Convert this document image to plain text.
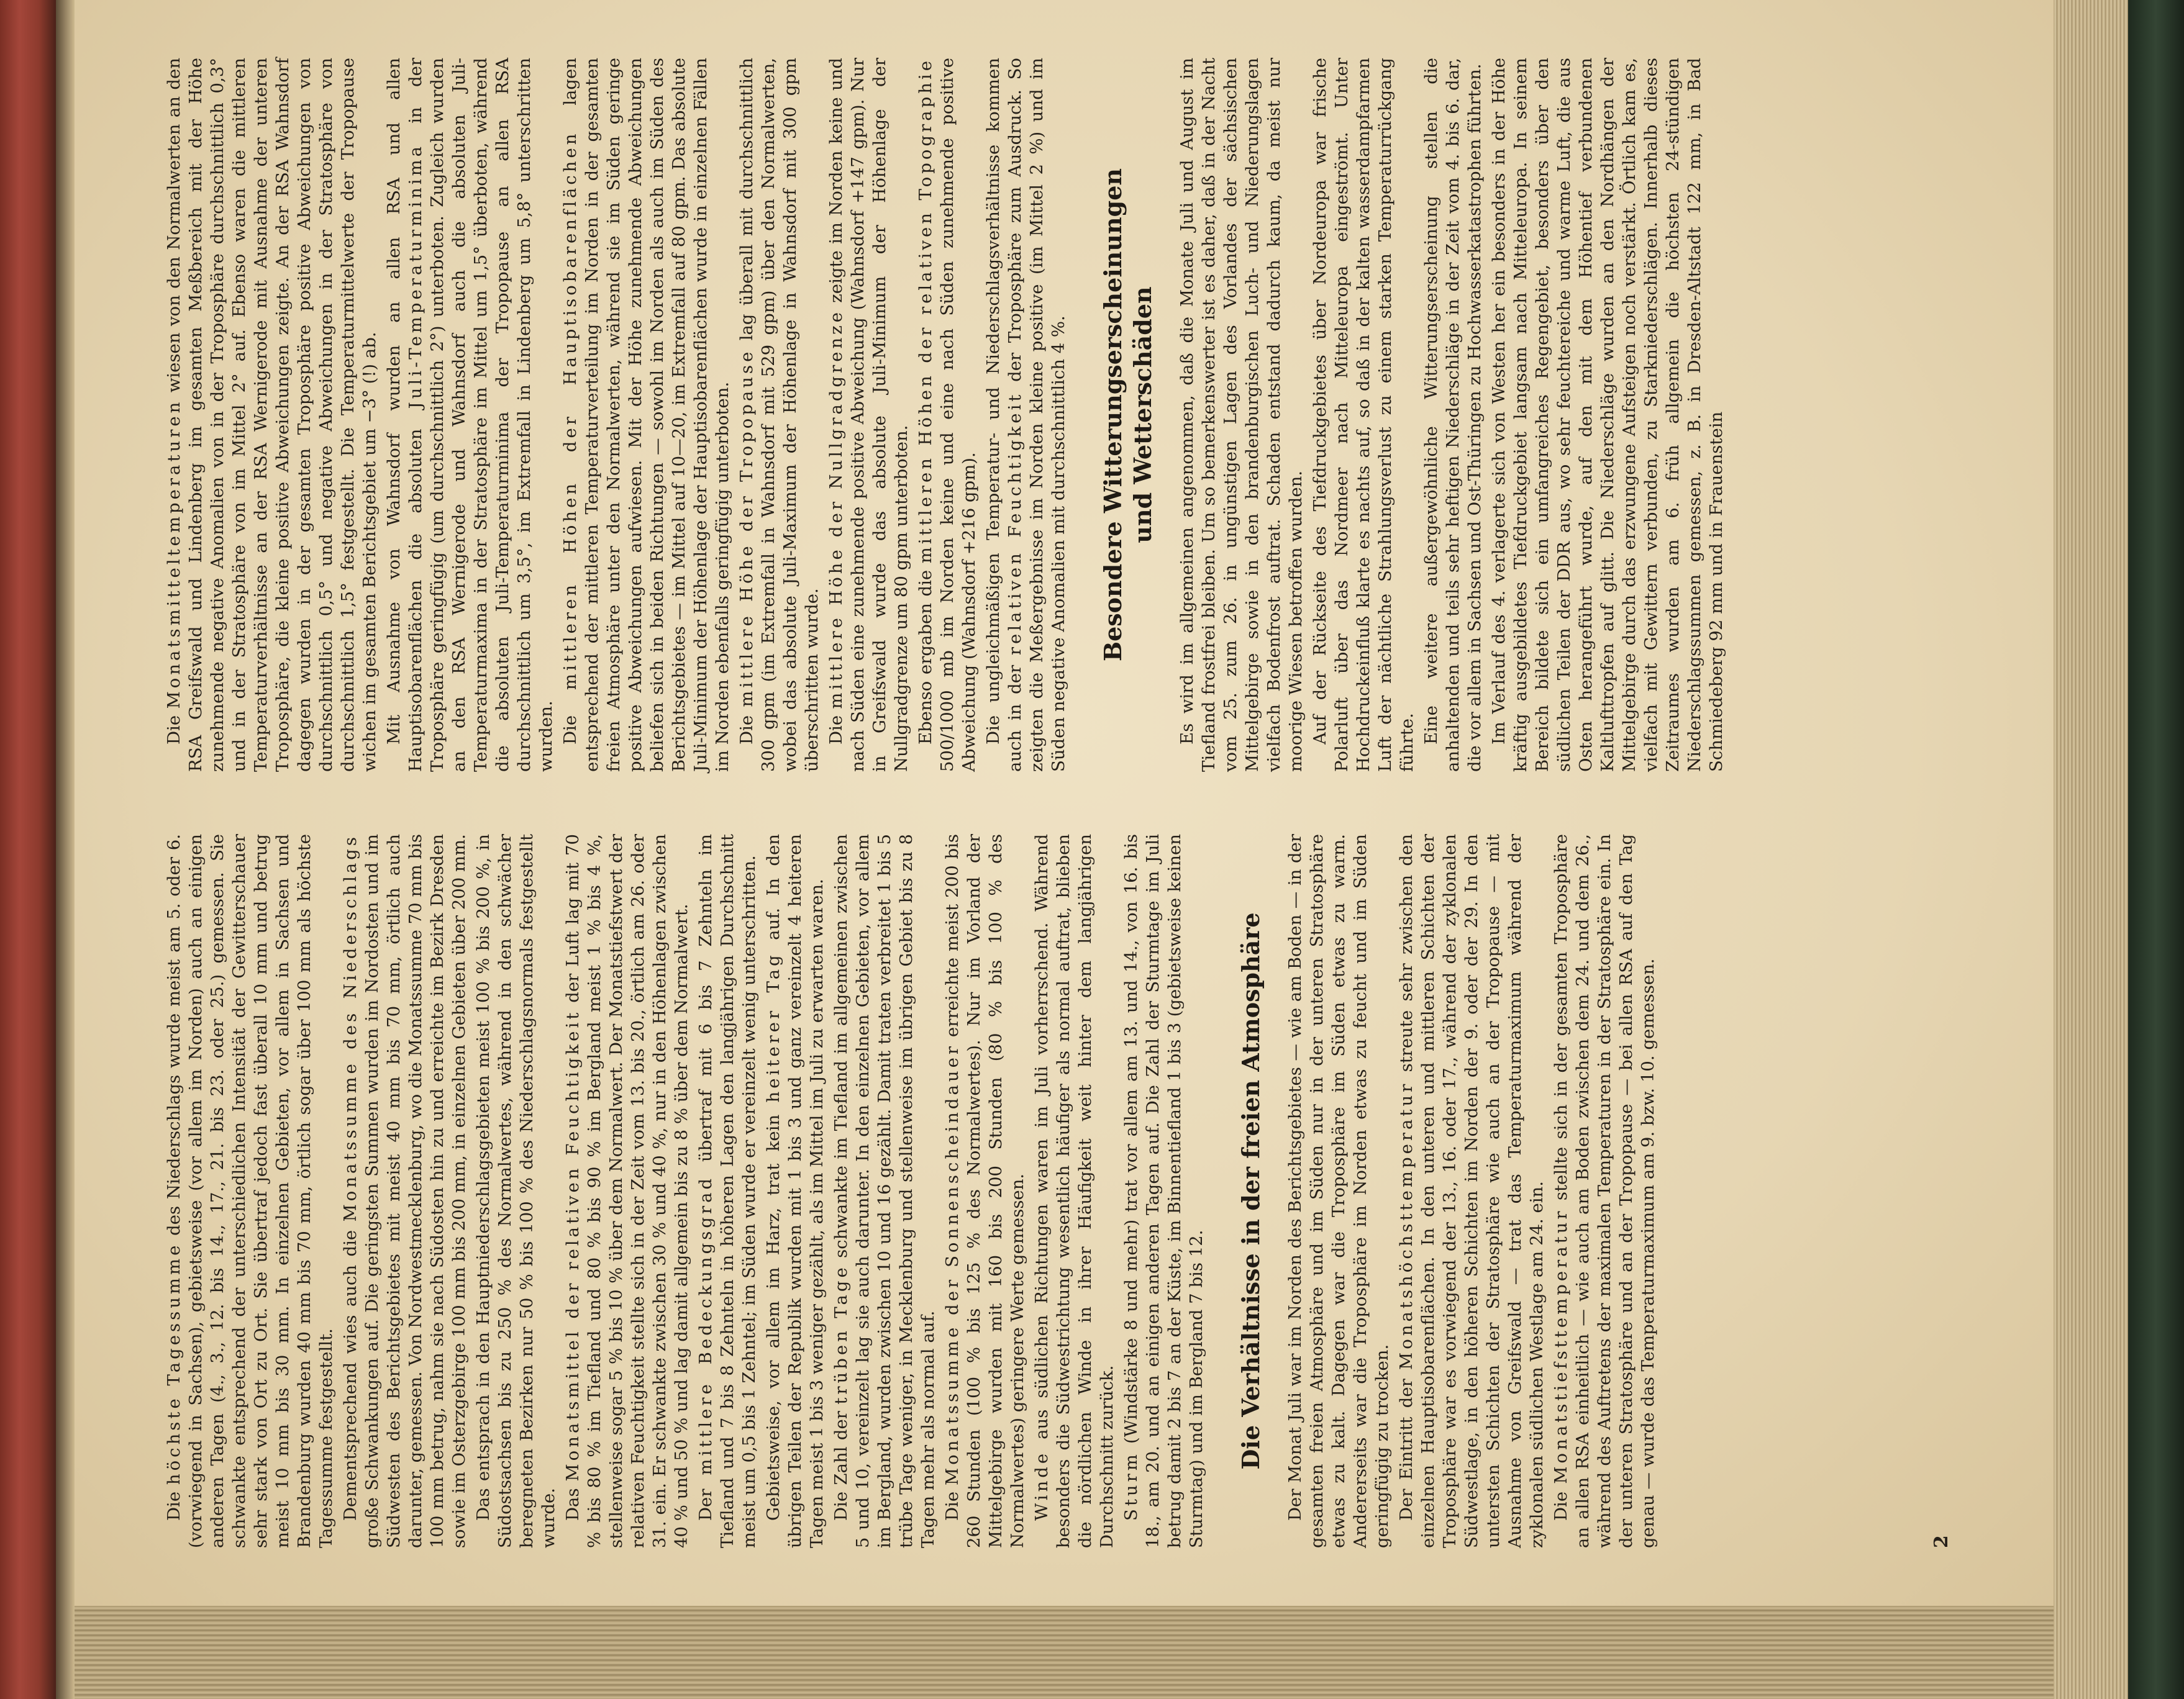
Die höchste Tagessumme des Niederschlags wurde meist am 5. oder 6. (vorwiegend in Sachsen), gebietsweise (vor allem im Norden) auch an einigen anderen Tagen (4., 3., 12. bis 14., 17., 21. bis 23. oder 25.) gemessen. Sie schwankte entsprechend der unterschiedlichen Intensität der Gewitterschauer sehr stark von Ort zu Ort. Sie übertraf jedoch fast überall 10 mm und betrug meist 10 mm bis 30 mm. In einzelnen Gebieten, vor allem in Sachsen und Brandenburg wurden 40 mm bis 70 mm, örtlich sogar über 100 mm als höchste Tagessumme festgestellt. Dementsprechend wies auch die Monatssumme des Niederschlags große Schwankungen auf. Die geringsten Summen wurden im Nordosten und im Südwesten des Berichtsgebietes mit meist 40 mm bis 70 mm, örtlich auch darunter, gemessen. Von Nordwestmecklenburg, wo die Monatssumme 70 mm bis 100 mm betrug, nahm sie nach Südosten hin zu und erreichte im Bezirk Dresden sowie im Osterzgebirge 100 mm bis 200 mm, in einzelnen Gebieten über 200 mm. Das entsprach in den Hauptniederschlagsgebieten meist 100 % bis 200 %, in Südostsachsen bis zu 250 % des Normalwertes, während in den schwächer beregneten Bezirken nur 50 % bis 100 % des Niederschlagsnormals festgestellt wurde. Das Monatsmittel der relativen Feuchtigkeit der Luft lag mit 70 % bis 80 % im Tiefland und 80 % bis 90 % im Bergland meist 1 % bis 4 %, stellenweise sogar 5 % bis 10 % über dem Normalwert. Der Monatstiefstwert der relativen Feuchtigkeit stellte sich in der Zeit vom 13. bis 20., örtlich am 26. oder 31. ein. Er schwankte zwischen 30 % und 40 %, nur in den Höhenlagen zwischen 40 % und 50 % und lag damit allgemein bis zu 8 % über dem Normalwert. Der mittlere Bedeckungsgrad übertraf mit 6 bis 7 Zehnteln im Tiefland und 7 bis 8 Zehnteln in höheren Lagen den langjährigen Durchschnitt meist um 0,5 bis 1 Zehntel; im Süden wurde er vereinzelt wenig unterschritten. Gebietsweise, vor allem im Harz, trat kein heiterer Tag auf. In den übrigen Teilen der Republik wurden mit 1 bis 3 und ganz vereinzelt 4 heiteren Tagen meist 1 bis 3 weniger gezählt, als im Mittel im Juli zu erwarten waren. Die Zahl der trüben Tage schwankte im Tiefland im allgemeinen zwischen 5 und 10, vereinzelt lag sie auch darunter. In den einzelnen Gebieten, vor allem im Bergland, wurden zwischen 10 und 16 gezählt. Damit traten verbreitet 1 bis 5 trübe Tage weniger, in Mecklenburg und stellenweise im übrigen Gebiet bis zu 8 Tagen mehr als normal auf. Die Monatssumme der Sonnenscheindauer erreichte meist 200 bis 260 Stunden (100 % bis 125 % des Normalwertes). Nur im Vorland der Mittelgebirge wurden mit 160 bis 200 Stunden (80 % bis 100 % des Normalwertes) geringere Werte gemessen. Winde aus südlichen Richtungen waren im Juli vorherrschend. Während besonders die Südwestrichtung wesentlich häufiger als normal auftrat, blieben die nördlichen Winde in ihrer Häufigkeit weit hinter dem langjährigen Durchschnitt zurück. Sturm (Windstärke 8 und mehr) trat vor allem am 13. und 14., von 16. bis 18., am 20. und an einigen anderen Tagen auf. Die Zahl der Sturmtage im Juli betrug damit 2 bis 7 an der Küste, im Binnentiefland 1 bis 3 (gebietsweise keinen Sturmtag) und im Bergland 7 bis 12. Die Verhältnisse in der freien Atmosphäre Der Monat Juli war im Norden des Berichtsgebietes — wie am Boden — in der gesamten freien Atmosphäre und im Süden nur in der unteren Stratosphäre etwas zu kalt. Dagegen war die Troposphäre im Süden etwas zu warm. Andererseits war die Troposphäre im Norden etwas zu feucht und im Süden geringfügig zu trocken. Der Eintritt der Monatshöchsttemperatur streute sehr zwischen den einzelnen Hauptisobarenflächen. In den unteren und mittleren Schichten der Troposphäre war es vorwiegend der 13., 16. oder 17., während der zyklonalen Südwestlage, in den höheren Schichten im Norden der 9. oder der 29. In den untersten Schichten der Stratosphäre wie auch an der Tropopause — mit Ausnahme von Greifswald — trat das Temperaturmaximum während der zyklonalen südlichen Westlage am 24. ein. Die Monatstiefsttemperatur stellte sich in der gesamten Troposphäre an allen RSA einheitlich — wie auch am Boden zwischen dem 24. und dem 26., während des Auftretens der maximalen Temperaturen in der Stratosphäre ein. In der unteren Stratosphäre und an der Tropopause — bei allen RSA auf den Tag genau — wurde das Temperaturmaximum am 9. bzw. 10. gemessen.	2

Die Monatsmitteltemperaturen wiesen von den Normalwerten an den RSA Greifswald und Lindenberg im gesamten Meßbereich mit der Höhe zunehmende negative Anomalien von in der Troposphäre durchschnittlich 0,3° und in der Stratosphäre von im Mittel 2° auf. Ebenso waren die mittleren Temperaturverhältnisse an der RSA Wernigerode mit Ausnahme der unteren Troposphäre, die kleine positive Abweichungen zeigte. An der RSA Wahnsdorf dagegen wurden in der gesamten Troposphäre positive Abweichungen von durchschnittlich 0,5° und negative Abweichungen in der Stratosphäre von durchschnittlich 1,5° festgestellt. Die Temperaturmittelwerte der Tropopause wichen im gesamten Berichtsgebiet um −3° (!) ab. Mit Ausnahme von Wahnsdorf wurden an allen RSA und allen Hauptisobarenflächen die absoluten Juli-Temperaturminima in der Troposphäre geringfügig (um durchschnittlich 2°) unterboten. Zugleich wurden an den RSA Wernigerode und Wahnsdorf auch die absoluten Juli-Temperaturmaxima in der Stratosphäre im Mittel um 1,5° überboten, während die absoluten Juli-Temperaturminima der Tropopause an allen RSA durchschnittlich um 3,5°, im Extremfall in Lindenberg um 5,8° unterschritten wurden. Die mittleren Höhen der Hauptisobarenflächen lagen entsprechend der mittleren Temperaturverteilung im Norden in der gesamten freien Atmosphäre unter den Normalwerten, während sie im Süden geringe positive Abweichungen aufwiesen. Mit der Höhe zunehmende Abweichungen beliefen sich in beiden Richtungen — sowohl im Norden als auch im Süden des Berichtsgebietes — im Mittel auf 10—20, im Extremfall auf 80 gpm. Das absolute Juli-Minimum der Höhenlage der Hauptisobarenflächen wurde in einzelnen Fällen im Norden ebenfalls geringfügig unterboten. Die mittlere Höhe der Tropopause lag überall mit durchschnittlich 300 gpm (im Extremfall in Wahnsdorf mit 529 gpm) über den Normalwerten, wobei das absolute Juli-Maximum der Höhenlage in Wahnsdorf mit 300 gpm überschritten wurde. Die mittlere Höhe der Nullgradgrenze zeigte im Norden keine und nach Süden eine zunehmende positive Abweichung (Wahnsdorf +147 gpm). Nur in Greifswald wurde das absolute Juli-Minimum der Höhenlage der Nullgradgrenze um 80 gpm unterboten. Ebenso ergaben die mittleren Höhen der relativen Topographie 500/1000 mb im Norden keine und eine nach Süden zunehmende positive Abweichung (Wahnsdorf +216 gpm). Die ungleichmäßigen Temperatur- und Niederschlagsverhältnisse kommen auch in der relativen Feuchtigkeit der Troposphäre zum Ausdruck. So zeigten die Meßergebnisse im Norden kleine positive (im Mittel 2 %) und im Süden negative Anomalien mit durchschnittlich 4 %. Besondere Witterungserscheinungen
und Wetterschäden Es wird im allgemeinen angenommen, daß die Monate Juli und August im Tiefland frostfrei bleiben. Um so bemerkenswerter ist es daher, daß in der Nacht vom 25. zum 26. in ungünstigen Lagen des Vorlandes der sächsischen Mittelgebirge sowie in den brandenburgischen Luch- und Niederungslagen vielfach Bodenfrost auftrat. Schaden entstand dadurch kaum, da meist nur moorige Wiesen betroffen wurden. Auf der Rückseite des Tiefdruckgebietes über Nordeuropa war frische Polarluft über das Nordmeer nach Mitteleuropa eingeströmt. Unter Hochdruckeinfluß klarte es nachts auf, so daß in der kalten wasserdampfarmen Luft der nächtliche Strahlungsverlust zu einem starken Temperaturrückgang führte. Eine weitere außergewöhnliche Witterungserscheinung stellen die anhaltenden und teils sehr heftigen Niederschläge in der Zeit vom 4. bis 6. dar, die vor allem in Sachsen und Ost-Thüringen zu Hochwasserkatastrophen führten. Im Verlauf des 4. verlagerte sich von Westen her ein besonders in der Höhe kräftig ausgebildetes Tiefdruckgebiet langsam nach Mitteleuropa. In seinem Bereich bildete sich ein umfangreiches Regengebiet, besonders über den südlichen Teilen der DDR aus, wo sehr feuchtereiche und warme Luft, die aus Osten herangeführt wurde, auf den mit dem Höhentief verbundenen Kaltlufttropfen auf glitt. Die Niederschläge wurden an den Nordhängen der Mittelgebirge durch das erzwungene Aufsteigen noch verstärkt. Örtlich kam es, vielfach mit Gewittern verbunden, zu Starkniederschlägen. Innerhalb dieses Zeitraumes wurden am 6. früh allgemein die höchsten 24-stündigen Niederschlagssummen gemessen, z. B. in Dresden-Altstadt 122 mm, in Bad Schmiedeberg 92 mm und in Frauenstein
